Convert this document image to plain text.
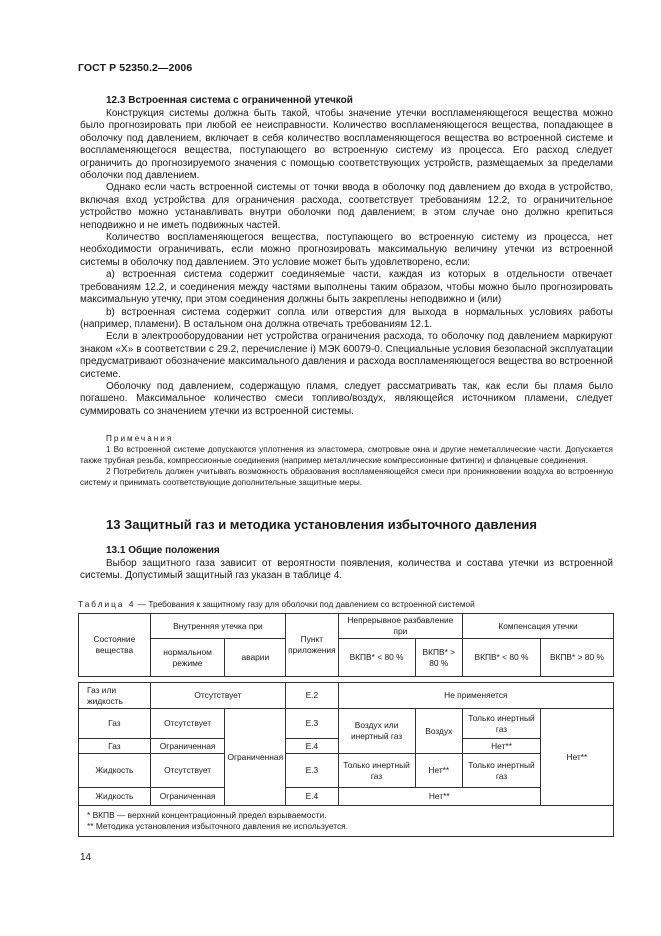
ГОСТ Р 52350.2—2006
12.3 Встроенная система с ограниченной утечкой

Конструкция системы должна быть такой, чтобы значение утечки воспламеняющегося вещества можно было прогнозировать при любой ее неисправности. Количество воспламеняющегося вещества, попадающее в оболочку под давлением, включает в себя количество воспламеняющегося вещества во встроенной системе и воспламеняющегося вещества, поступающего во встроенную систему из процесса. Его расход следует ограничить до прогнозируемого значения с помощью соответствующих устройств, размещаемых за пределами оболочки под давлением.

Однако если часть встроенной системы от точки ввода в оболочку под давлением до входа в устройство, включая вход устройства для ограничения расхода, соответствует требованиям 12.2, то ограничительное устройство можно устанавливать внутри оболочки под давлением; в этом случае оно должно крепиться неподвижно и не иметь подвижных частей.

Количество воспламеняющегося вещества, поступающего во встроенную систему из процесса, нет необходимости ограничивать, если можно прогнозировать максимальную величину утечки из встроенной системы в оболочку под давлением. Это условие может быть удовлетворено, если:

a) встроенная система содержит соединяемые части, каждая из которых в отдельности отвечает требованиям 12.2, и соединения между частями выполнены таким образом, чтобы можно было прогнозировать максимальную утечку, при этом соединения должны быть закреплены неподвижно и (или)

b) встроенная система содержит сопла или отверстия для выхода в нормальных условиях работы (например, пламени). В остальном она должна отвечать требованиям 12.1.

Если в электрооборудовании нет устройства ограничения расхода, то оболочку под давлением маркируют знаком «X» в соответствии с 29.2, перечисление i) МЭК 60079-0. Специальные условия безопасной эксплуатации предусматривают обозначение максимального давления и расхода воспламеняющегося вещества во встроенной системе.

Оболочку под давлением, содержащую пламя, следует рассматривать так, как если бы пламя было погашено. Максимальное количество смеси топливо/воздух, являющейся источником пламени, следует суммировать со значением утечки из встроенной системы.

Примечания

1 Во встроенной системе допускаются уплотнения из эластомера, смотровые окна и другие неметаллические части. Допускается также трубная резьба, компрессионные соединения (например металлические компрессионные фитинги) и фланцевые соединения.

2 Потребитель должен учитывать возможность образования воспламеняющейся смеси при проникновении воздуха во встроенную систему и принимать соответствующие дополнительные защитные меры.

13 Защитный газ и методика установления избыточного давления
13.1 Общие положения

Выбор защитного газа зависит от вероятности появления, количества и состава утечки из встроенной системы. Допустимый защитный газ указан в таблице 4.

Таблица 4 — Требования к защитному газу для оболочки под давлением со встроенной системой
Состояние вещества	Внутренняя утечка при		Пункт приложения	Непрерывное разбавление при		Компенсация утечки	
	нормальном режиме	аварии		ВКПВ* < 80 %	ВКПВ* > 80 %	ВКПВ* < 80 %	ВКПВ* > 80 %

Газ или жидкость	Отсутствует		E.2	Не применяется			
Газ	Отсутствует	Ограниченная	E.3	Воздух или инертный газ	Воздух	Только инертный газ	Нет**
Газ	Ограниченная		E.4			Нет**	
Жидкость	Отсутствует		E.3	Только инертный газ	Нет**	Только инертный газ	
Жидкость	Ограниченная		E.4	Нет**			

* ВКПВ — верхний концентрационный предел взрываемости.
** Методика установления избыточного давления не используется.							
14
